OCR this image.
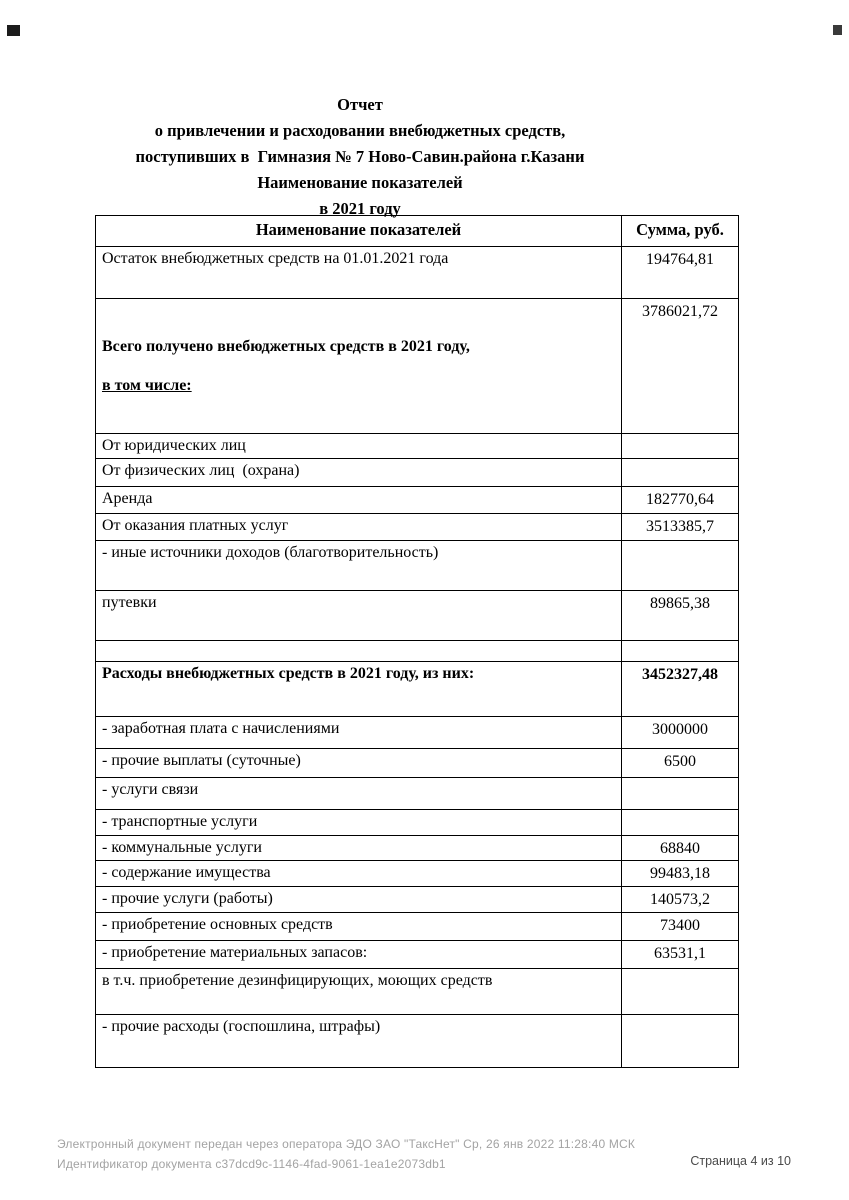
Отчет
о привлечении и расходовании внебюджетных средств,
поступивших в  Гимназия № 7 Ново-Савин.района г.Казани
Наименование показателей
в 2021 году
Наименование показателей	Сумма, руб.
Остаток внебюджетных средств на 01.01.2021 года	194764,81

Всего получено внебюджетных средств в 2021 году,
в том числе:	3786021,72
От юридических лиц	
От физических лиц  (охрана)	
Аренда	182770,64
От оказания платных услуг	3513385,7
- иные источники доходов (благотворительность)	
путевки	89865,38

Расходы внебюджетных средств в 2021 году, из них:	3452327,48
- заработная плата с начислениями	3000000
- прочие выплаты (суточные)	6500
- услуги связи	
- транспортные услуги	
- коммунальные услуги	68840
- содержание имущества	99483,18
- прочие услуги (работы)	140573,2
- приобретение основных средств	73400
- приобретение материальных запасов:	63531,1
в т.ч. приобретение дезинфицирующих, моющих средств	
- прочие расходы (госпошлина, штрафы)	
Электронный документ передан через оператора ЭДО ЗАО "ТаксНет" Ср, 26 янв 2022 11:28:40 МСК
Идентификатор документа c37dcd9c-1146-4fad-9061-1ea1e2073db1	Страница 4 из 10
